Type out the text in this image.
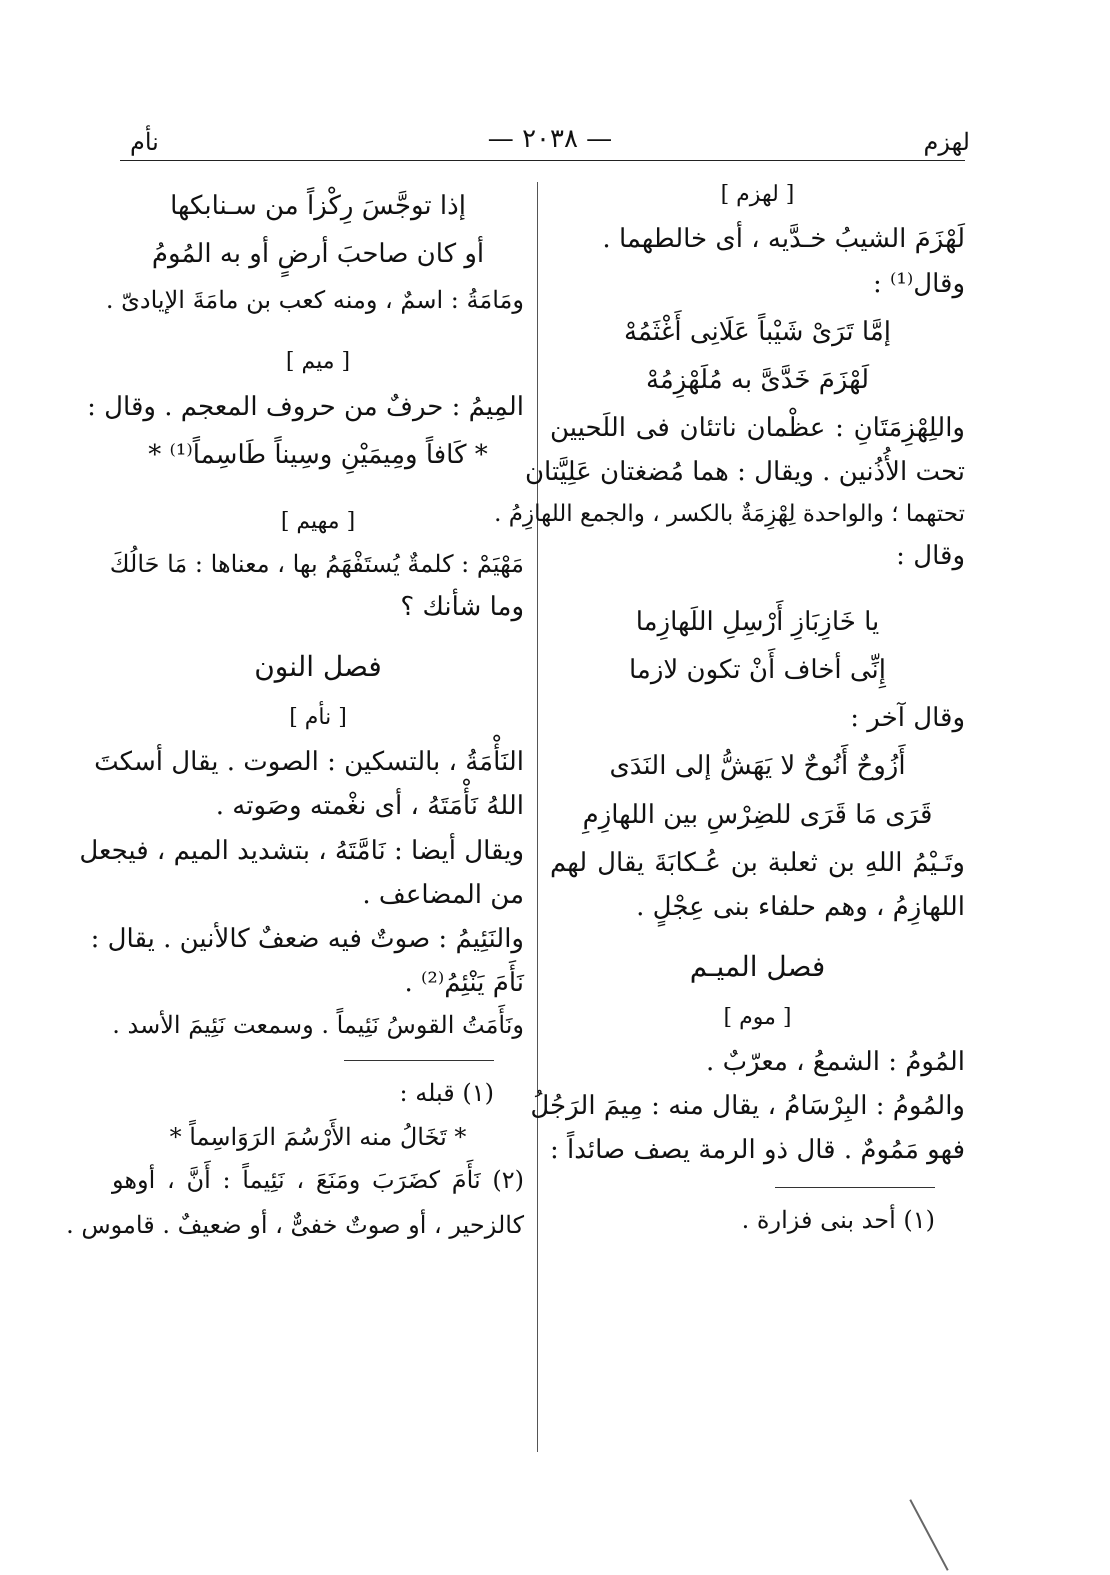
لهزم
— ٢٠٣٨ —
نأم
[ لهزم ]
لَهْزَمَ الشيبُ خـدَّيه ، أى خالطهما .
وقال⁽¹⁾ :
إمَّا تَرَىْ شَيْباً عَلَانِى أَغْثَمُهْ
لَهْزَمَ خَدَّىَّ به مُلَهْزِمُهْ
واللِهْزِمَتَانِ : عظْمان ناتئان فى اللَحيين
تحت الأُذُنين . ويقال : هما مُضغتان عَلِيَّتان
تحتهما ؛ والواحدة لِهْزِمَةٌ بالكسر ، والجمع اللهازِمُ .
وقال :
يا خَازِبَازِ أَرْسِلِ اللَهازِما
إِنِّى أخاف أَنْ تكون لازما
وقال آخر :
أَزُوحٌ أَنُوحٌ لا يَهَشُّ إلى النَدَى
قَرَى مَا قَرَى للضِرْسِ بين اللهازِمِ
وتَـيْمُ اللهِ بن ثعلبة بن عُـكابَةَ يقال لهم
اللهازِمُ ، وهم حلفاء بنى عِجْلٍ .
فصل الميـم
[ موم ]
المُومُ : الشمعُ ، معرّبٌ .
والمُومُ : البِرْسَامُ ، يقال منه : مِيمَ الرَجُلُ
فهو مَمُومٌ . قال ذو الرمة يصف صائداً :
(١) أحد بنى فزارة .
إذا توجَّسَ رِكْزاً من سـنابكها
أو كان صاحبَ أرضٍ أو به المُومُ
ومَامَةُ : اسمٌ ، ومنه كعب بن مامَةَ الإيادىّ .
[ ميم ]
المِيمُ : حرفٌ من حروف المعجم . وقال :
* كَافاً ومِيمَيْنِ وسِيناً طَاسِماً⁽¹⁾ *
[ مهيم ]
مَهْيَمْ : كلمةٌ يُستَفْهَمُ بها ، معناها : مَا حَالُكَ
وما شأنك ؟
فصل النون
[ نأم ]
النَأْمَةُ ، بالتسكين : الصوت . يقال أسكتَ
اللهُ نَأْمَتَهُ ، أى نغْمته وصَوته .
ويقال أيضا : نَامَّتَهُ ، بتشديد الميم ، فيجعل
من المضاعف .
والنَئِيمُ : صوتٌ فيه ضعفٌ كالأنين . يقال :
نَأَمَ يَنْئِمُ⁽²⁾ .
ونَأَمَتُ القوسُ نَئِيماً . وسمعت نَئِيمَ الأسد .
(١) قبله :
* تَخَالُ منه الأَرْسُمَ الرَوَاسِماً *
(٢) نَأَمَ كضَرَبَ ومَنَعَ ، نَئِيماً : أَنَّ ، أوهو
كالزحير ، أو صوتٌ خفىٌّ ، أو ضعيفٌ . قاموس .
